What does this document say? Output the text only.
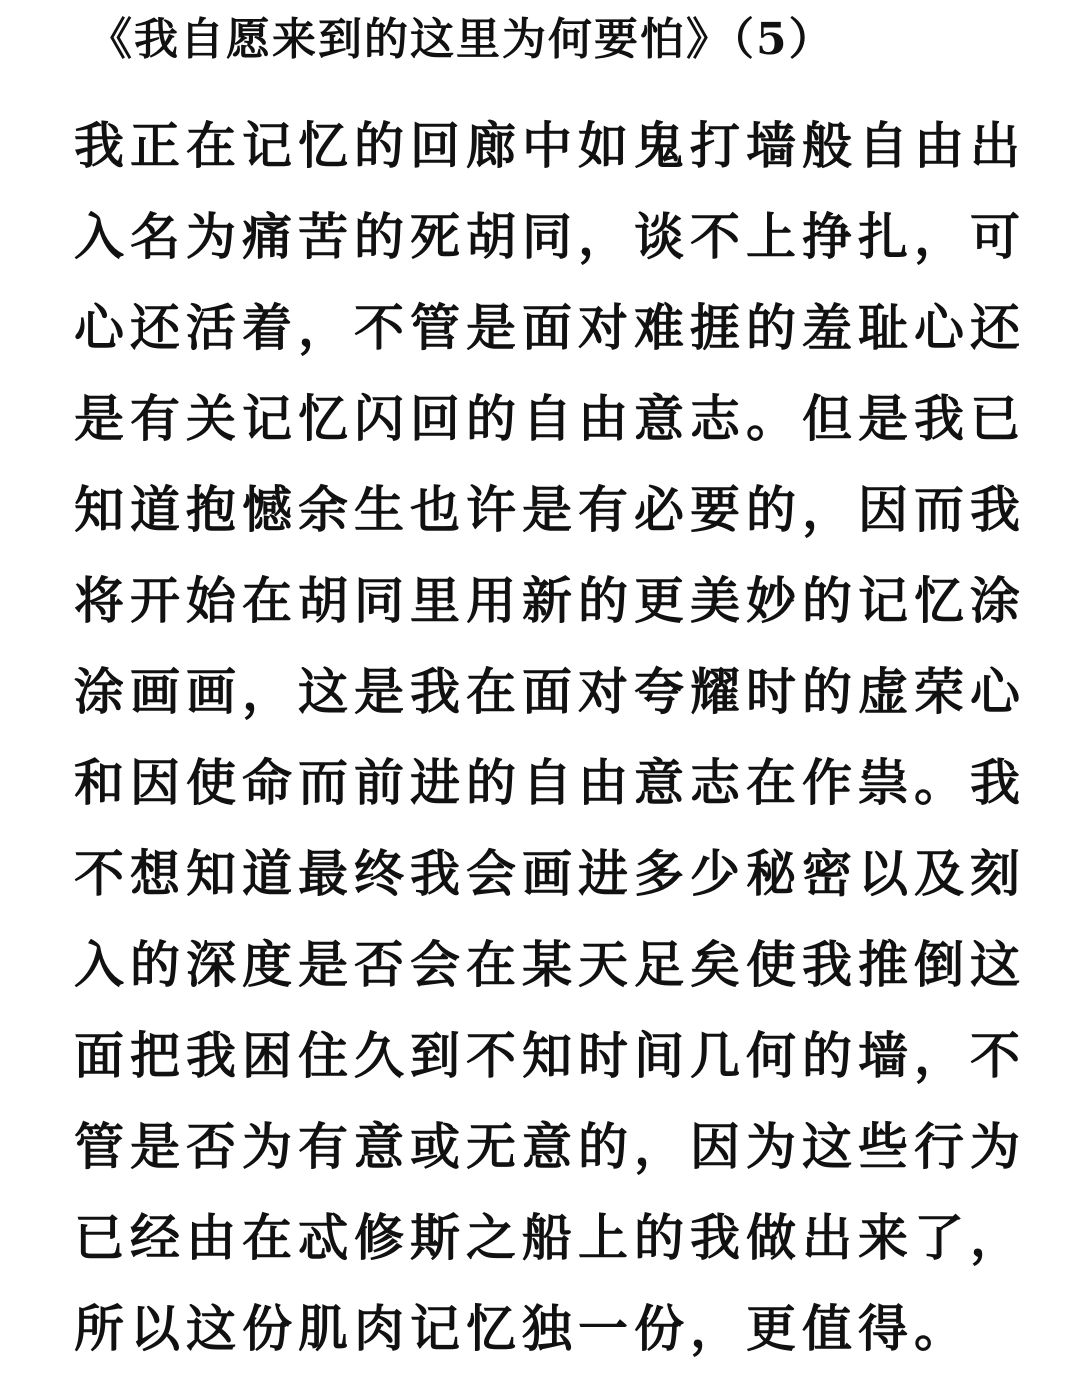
《我自愿来到的这里为何要怕》（5）
我正在记忆的回廊中如鬼打墙般自由出
入名为痛苦的死胡同，谈不上挣扎，可
心还活着，不管是面对难捱的羞耻心还
是有关记忆闪回的自由意志。但是我已
知道抱憾余生也许是有必要的，因而我
将开始在胡同里用新的更美妙的记忆涂
涂画画，这是我在面对夸耀时的虚荣心
和因使命而前进的自由意志在作祟。我
不想知道最终我会画进多少秘密以及刻
入的深度是否会在某天足矣使我推倒这
面把我困住久到不知时间几何的墙，不
管是否为有意或无意的，因为这些行为
已经由在忒修斯之船上的我做出来了，
所以这份肌肉记忆独一份，更值得。
